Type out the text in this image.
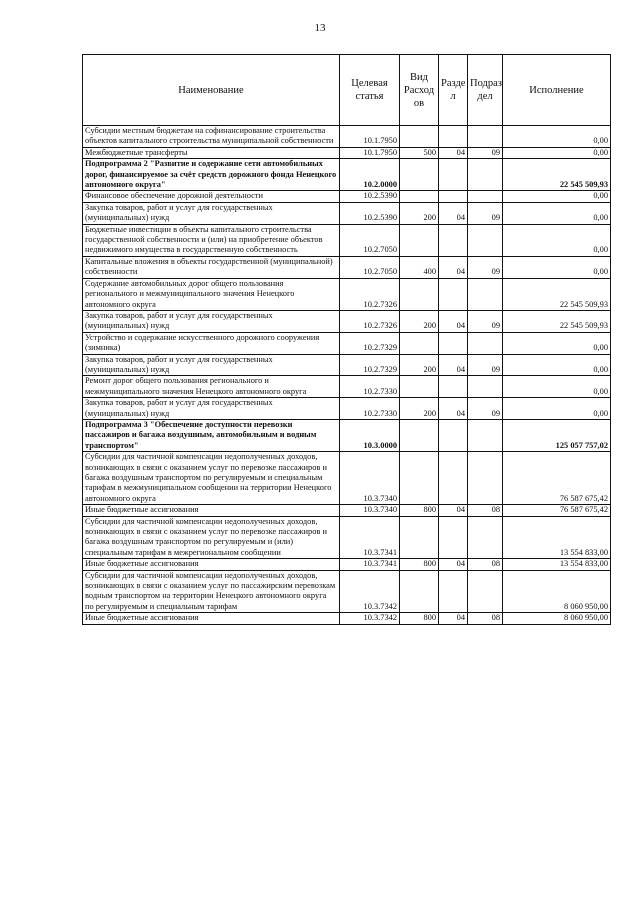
13
Наименование	Целевая статья	Вид Расход ов	Разде л	Подраз дел	Исполнение
Субсидии местным бюджетам на софинансирование строительства объектов капитального строительства муниципальной собственности	10.1.7950				0,00
Межбюджетные трансферты	10.1.7950	500	04	09	0,00
Подпрограмма 2 "Развитие и содержание сети автомобильных дорог, финансируемое за счёт средств дорожного фонда Ненецкого автономного округа"	10.2.0000				22 545 509,93
Финансовое обеспечение дорожной деятельности	10.2.5390				0,00
Закупка товаров, работ и услуг для государственных (муниципальных) нужд	10.2.5390	200	04	09	0,00
Бюджетные инвестиции в объекты капитального строительства государственной собственности и (или) на приобретение объектов недвижимого имущества в государственную собственность	10.2.7050				0,00
Капитальные вложения в объекты государственной (муниципальной) собственности	10.2.7050	400	04	09	0,00
Содержание автомобильных дорог общего пользования регионального и межмуниципального значения Ненецкого автономного округа	10.2.7326				22 545 509,93
Закупка товаров, работ и услуг для государственных (муниципальных) нужд	10.2.7326	200	04	09	22 545 509,93
Устройство и содержание искусственного дорожного сооружения (зимника)	10.2.7329				0,00
Закупка товаров, работ и услуг для государственных (муниципальных) нужд	10.2.7329	200	04	09	0,00
Ремонт дорог общего пользования регионального и межмуниципального значения Ненецкого автономного округа	10.2.7330				0,00
Закупка товаров, работ и услуг для государственных (муниципальных) нужд	10.2.7330	200	04	09	0,00
Подпрограмма 3 "Обеспечение доступности перевозки пассажиров и багажа воздушным, автомобильным и водным транспортом"	10.3.0000				125 057 757,02
Субсидии для частичной компенсации недополученных доходов, возникающих в связи с оказанием услуг по перевозке пассажиров и багажа воздушным транспортом по регулируемым и специальным тарифам в межмуниципальном сообщении на территории Ненецкого автономного округа	10.3.7340				76 587 675,42
Иные бюджетные ассигнования	10.3.7340	800	04	08	76 587 675,42
Субсидии для частичной компенсации недополученных доходов, возникающих в связи с оказанием услуг по перевозке пассажиров и багажа воздушным транспортом по регулируемым и (или) специальным тарифам в межрегиональном сообщении	10.3.7341				13 554 833,00
Иные бюджетные ассигнования	10.3.7341	800	04	08	13 554 833,00
Субсидии для частичной компенсации недополученных доходов, возникающих в связи с оказанием услуг по пассажирским перевозкам водным транспортом на территории Ненецкого автономного округа по регулируемым и специальным тарифам	10.3.7342				8 060 950,00
Иные бюджетные ассигнования	10.3.7342	800	04	08	8 060 950,00
